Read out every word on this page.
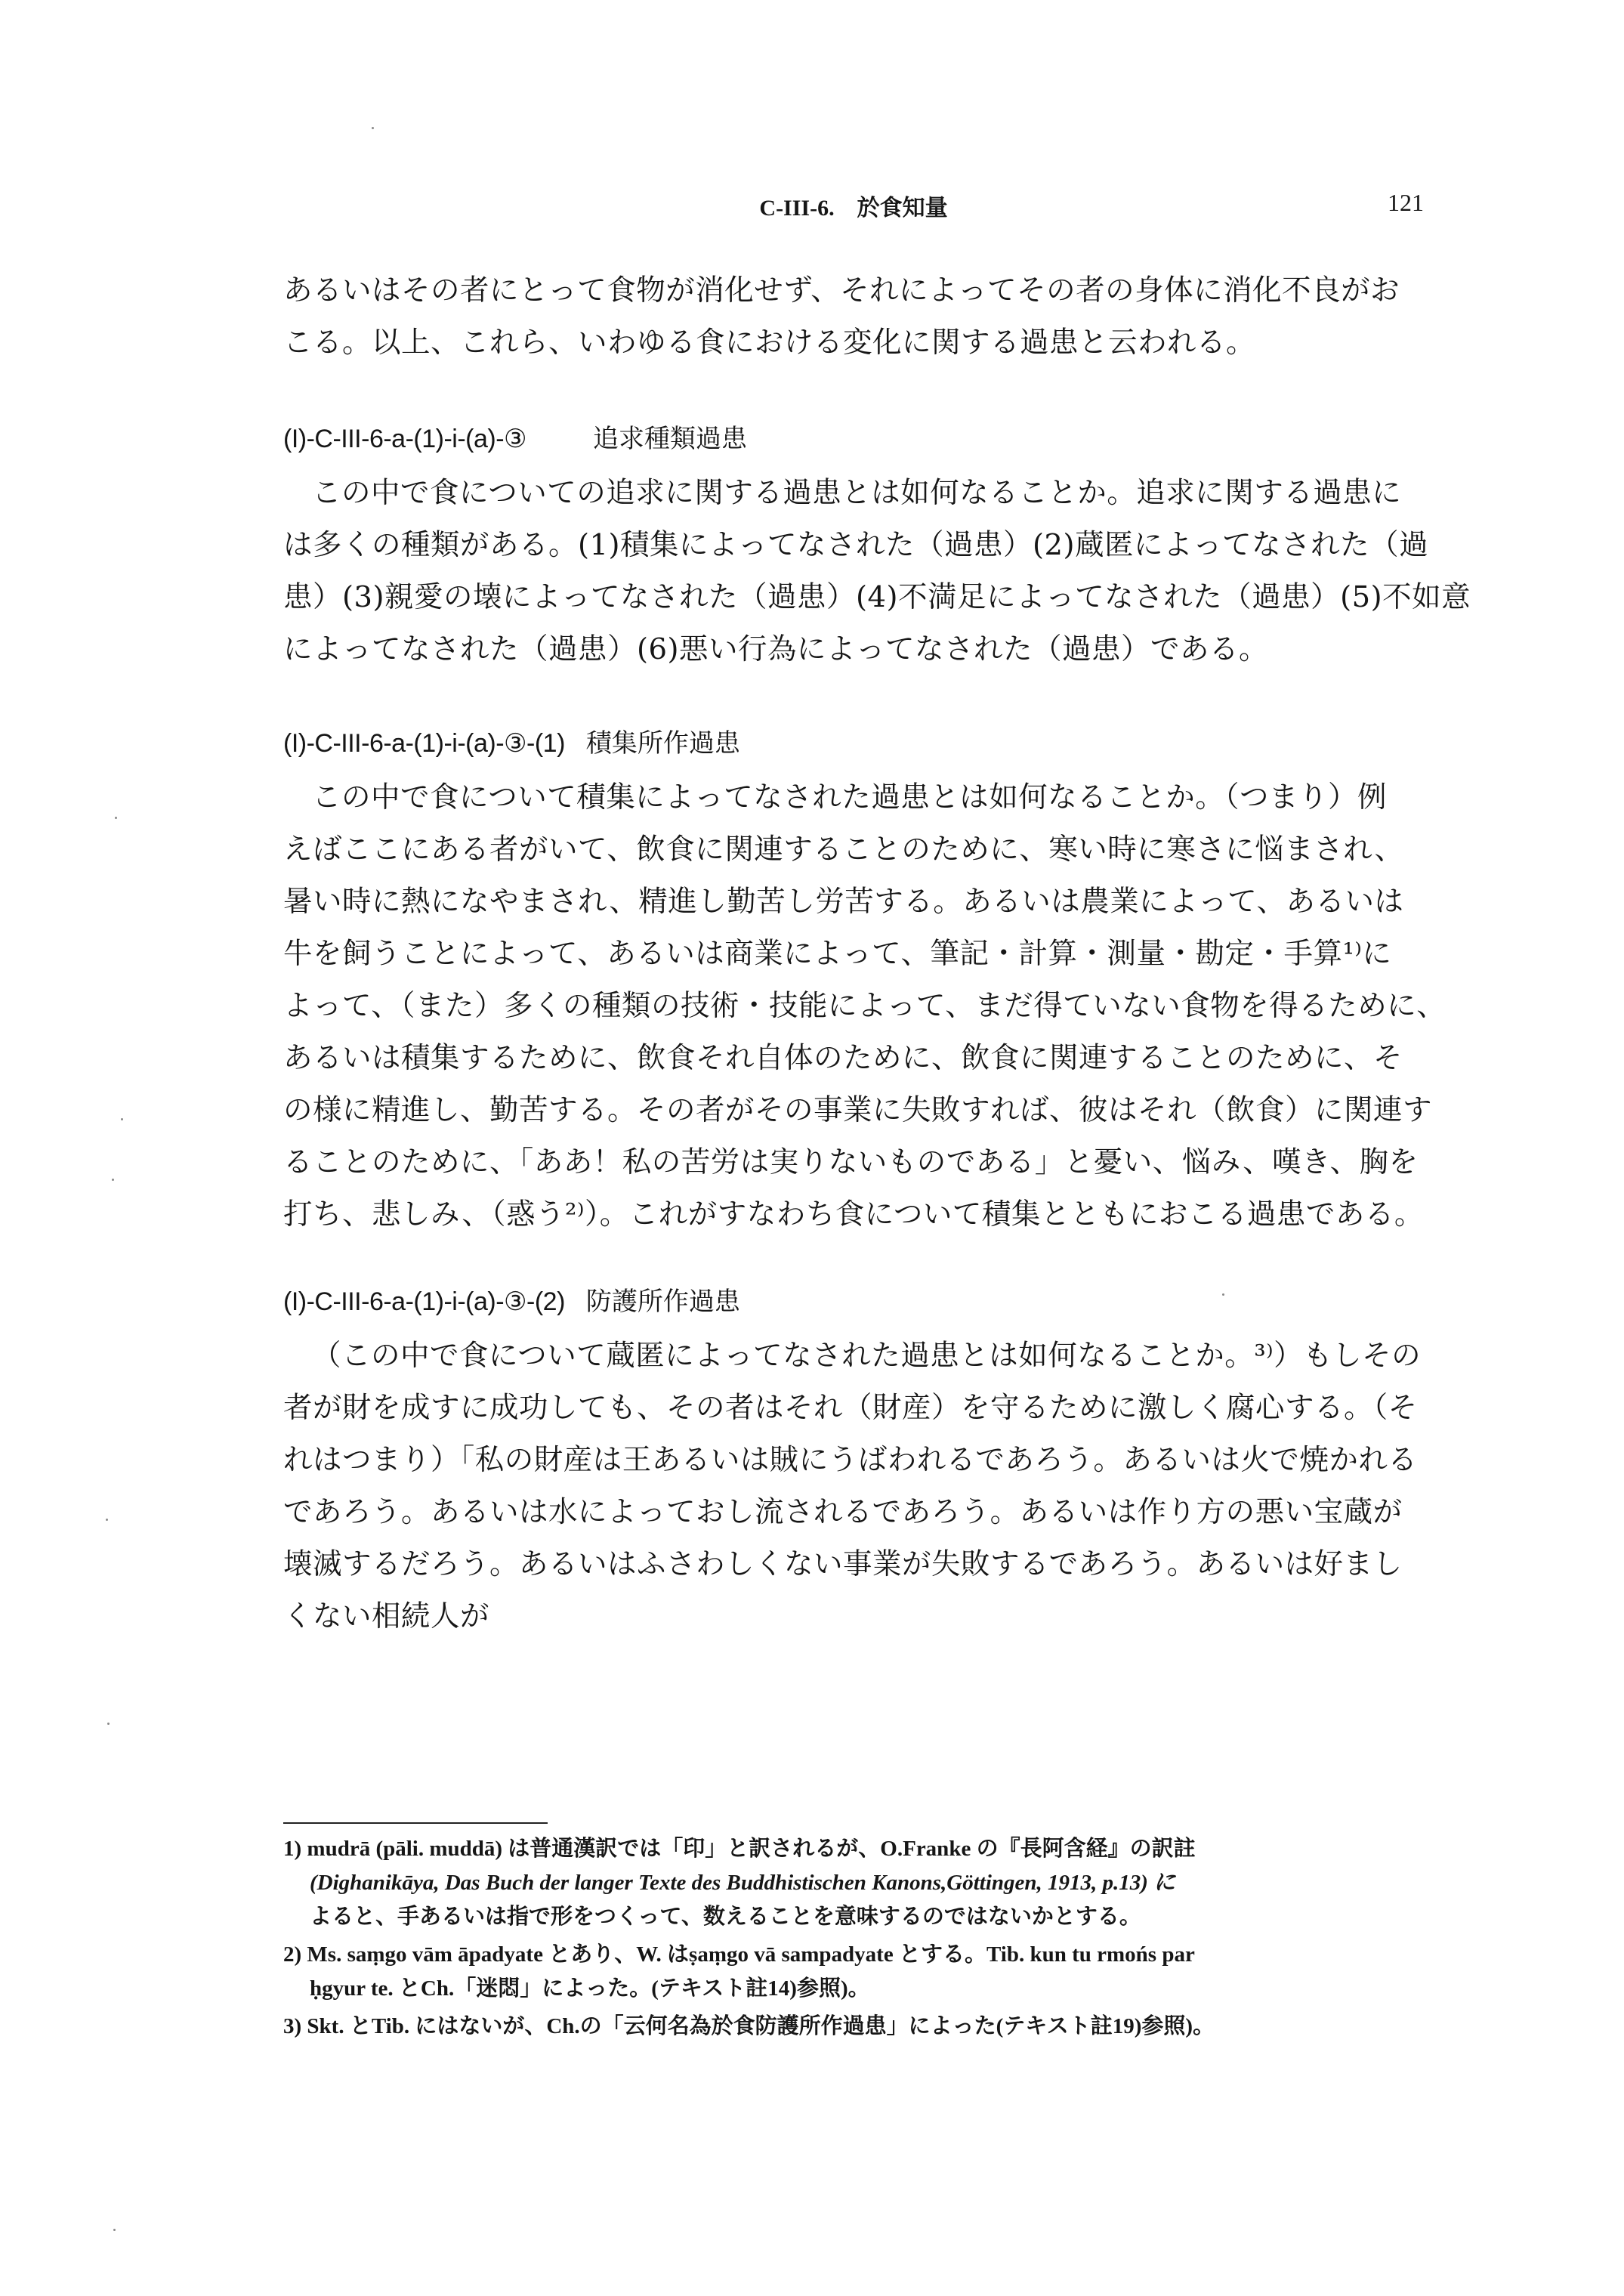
C-III-6.　於食知量	121

あるいはその者にとって食物が消化せず、それによってその者の身体に消化不良がお

こる。以上、これら、いわゆる食における変化に関する過患と云われる。

(I)-C-III-6-a-(1)-i-(a)-③	追求種類過患

この中で食についての追求に関する過患とは如何なることか。追求に関する過患に

は多くの種類がある。(1)積集によってなされた（過患）(2)蔵匿によってなされた（過

患）(3)親愛の壊によってなされた（過患）(4)不満足によってなされた（過患）(5)不如意

によってなされた（過患）(6)悪い行為によってなされた（過患）である。

(I)-C-III-6-a-(1)-i-(a)-③-(1) 積集所作過患

この中で食について積集によってなされた過患とは如何なることか。（つまり）例

えばここにある者がいて、飲食に関連することのために、寒い時に寒さに悩まされ、

暑い時に熱になやまされ、精進し勤苦し労苦する。あるいは農業によって、あるいは

牛を飼うことによって、あるいは商業によって、筆記・計算・測量・勘定・手算¹⁾に

よって、（また）多くの種類の技術・技能によって、まだ得ていない食物を得るために、

あるいは積集するために、飲食それ自体のために、飲食に関連することのために、そ

の様に精進し、勤苦する。その者がその事業に失敗すれば、彼はそれ（飲食）に関連す

ることのために、「ああ！私の苦労は実りないものである」と憂い、悩み、嘆き、胸を

打ち、悲しみ、（惑う²⁾）。これがすなわち食について積集とともにおこる過患である。

(I)-C-III-6-a-(1)-i-(a)-③-(2) 防護所作過患

（この中で食について蔵匿によってなされた過患とは如何なることか。³⁾）もしその

者が財を成すに成功しても、その者はそれ（財産）を守るために激しく腐心する。（そ

れはつまり）「私の財産は王あるいは賊にうばわれるであろう。あるいは火で焼かれる

であろう。あるいは水によっておし流されるであろう。あるいは作り方の悪い宝蔵が

壊滅するだろう。あるいはふさわしくない事業が失敗するであろう。あるいは好まし

くない相続人が

1) mudrā (pāli. muddā) は普通漢訳では「印」と訳されるが、O.Franke の『長阿含経』の訳註

(Dighanikāya, Das Buch der langer Texte des Buddhistischen Kanons,Göttingen, 1913, p.13) に

よると、手あるいは指で形をつくって、数えることを意味するのではないかとする。

2) Ms. saṃgo vām āpadyate とあり、W. はṣaṃgo vā sampadyate とする。Tib. kun tu rmońs par

ḥgyur te. とCh.「迷悶」によった。(テキスト註14)参照)。

3) Skt. とTib. にはないが、Ch.の「云何名為於食防護所作過患」によった(テキスト註19)参照)。
